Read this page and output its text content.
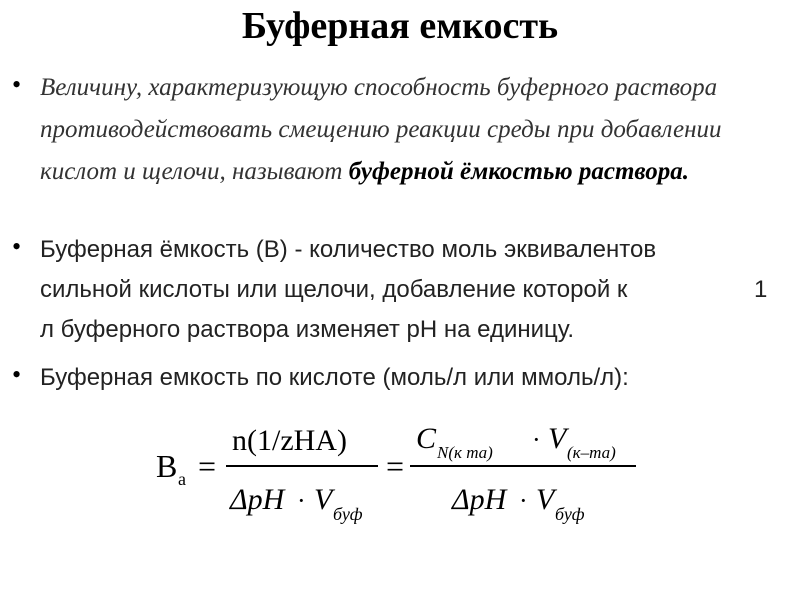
Буферная емкость
• Величину, характеризующую способность буферного раствора противодействовать смещению реакции среды при добавлении кислот и щелочи, называют буферной ёмкостью раствора.
• Буферная ёмкость (В) - количество моль эквивалентов
сильной кислоты или щелочи, добавление которой к	1
л буферного раствора изменяет рН на единицу.
• Буферная емкость по кислоте (моль/л или ммоль/л):
В а =
n(1/zHA)
ΔpH · V буф
=
C N(к та) · V (к–та)
ΔpH · V буф
